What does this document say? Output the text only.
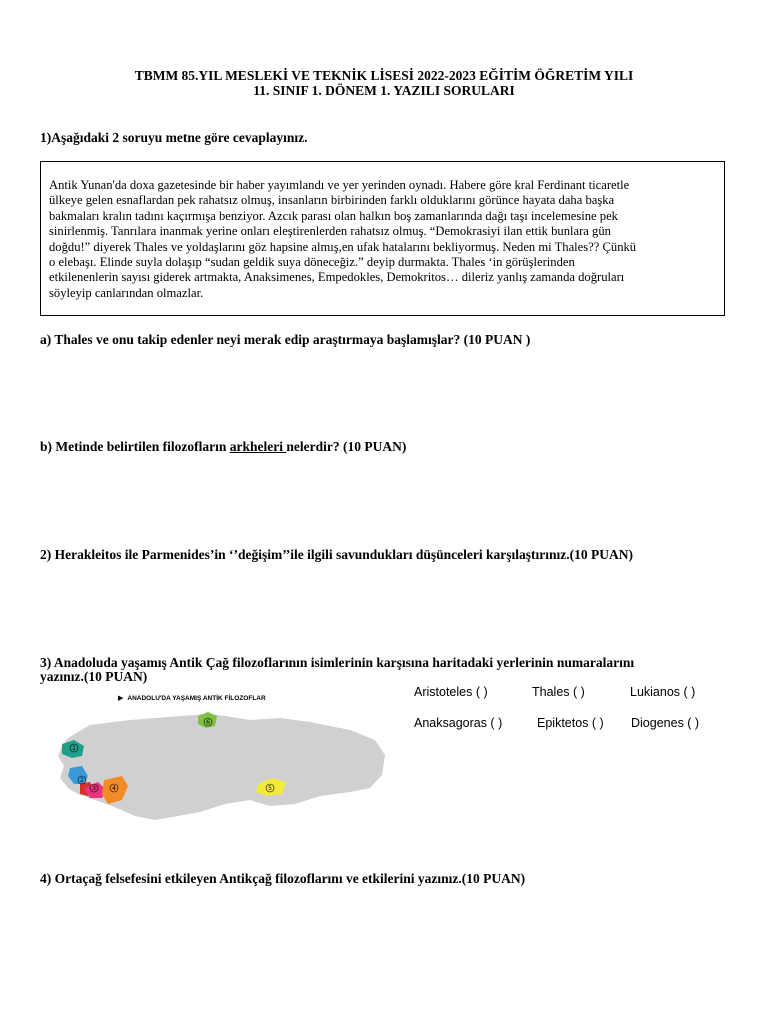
TBMM 85.YIL MESLEKİ VE TEKNİK LİSESİ 2022-2023 EĞİTİM ÖĞRETİM YILI
11. SINIF 1. DÖNEM 1. YAZILI SORULARI
1)Aşağıdaki 2 soruyu metne göre cevaplayınız.
Antik Yunan'da doxa gazetesinde bir haber yayımlandı ve yer yerinden oynadı. Habere göre kral Ferdinant ticaretle
ülkeye gelen esnaflardan pek rahatsız olmuş, insanların birbirinden farklı olduklarını görünce hayata daha başka
bakmaları kralın tadını kaçırmışa benziyor. Azcık parası olan halkın boş zamanlarında dağı taşı incelemesine pek
sinirlenmiş. Tanrılara inanmak yerine onları eleştirenlerden rahatsız olmuş. “Demokrasiyi ilan ettik bunlara gün
doğdu!” diyerek Thales ve yoldaşlarını göz hapsine almış,en ufak hatalarını bekliyormuş. Neden mi Thales?? Çünkü
o elebaşı. Elinde suyla dolaşıp “sudan geldik suya döneceğiz.” deyip durmakta. Thales ‘in görüşlerinden
etkilenenlerin sayısı giderek artmakta, Anaksimenes, Empedokles, Demokritos… dileriz yanlış zamanda doğruları
söyleyip canlarından olmazlar.
a) Thales ve onu takip edenler neyi merak edip araştırmaya başlamışlar? (10 PUAN )
b) Metinde belirtilen filozofların arkheleri nelerdir? (10 PUAN)
2) Herakleitos ile Parmenides’in ‘’değişim’’ile ilgili savundukları düşünceleri karşılaştırınız.(10 PUAN)
3) Anadoluda yaşamış Antik Çağ filozoflarının isimlerinin karşısına haritadaki yerlerinin numaralarını
yazınız.(10 PUAN)
▶ ANADOLU'DA YAŞAMIŞ ANTİK FİLOZOFLAR
6
1
2
3	4	5
Aristoteles ( )	Thales ( )	Lukianos ( )
Anaksagoras ( )	Epiktetos ( ) Diogenes ( )
4) Ortaçağ felsefesini etkileyen Antikçağ filozoflarını ve etkilerini yazınız.(10 PUAN)
